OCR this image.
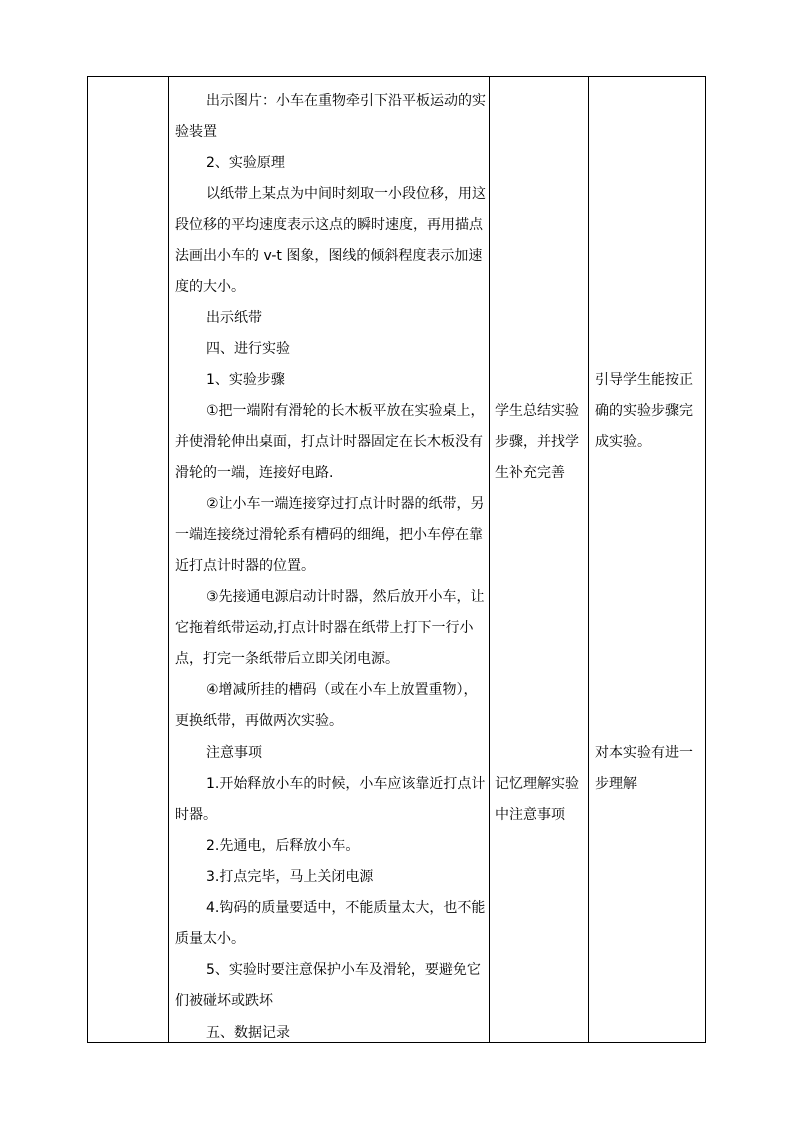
出示图片：小车在重物牵引下沿平板运动的实
验装置
2、实验原理
以纸带上某点为中间时刻取一小段位移，用这
段位移的平均速度表示这点的瞬时速度，再用描点
法画出小车的 v-t 图象，图线的倾斜程度表示加速
度的大小。
出示纸带
四、进行实验
1、实验步骤
①把一端附有滑轮的长木板平放在实验桌上，
并使滑轮伸出桌面，打点计时器固定在长木板没有
滑轮的一端，连接好电路.
②让小车一端连接穿过打点计时器的纸带，另
一端连接绕过滑轮系有槽码的细绳，把小车停在靠
近打点计时器的位置。
③先接通电源启动计时器，然后放开小车，让
它拖着纸带运动,打点计时器在纸带上打下一行小
点，打完一条纸带后立即关闭电源。
④增减所挂的槽码（或在小车上放置重物），
更换纸带，再做两次实验。
注意事项
1.开始释放小车的时候，小车应该靠近打点计
时器。
2.先通电，后释放小车。
3.打点完毕，马上关闭电源
4.钩码的质量要适中，不能质量太大，也不能
质量太小。
5、实验时要注意保护小车及滑轮，要避免它
们被碰坏或跌坏
五、数据记录
学生总结实验
步骤，并找学
生补充完善
记忆理解实验
中注意事项
引导学生能按正
确的实验步骤完
成实验。
对本实验有进一
步理解
